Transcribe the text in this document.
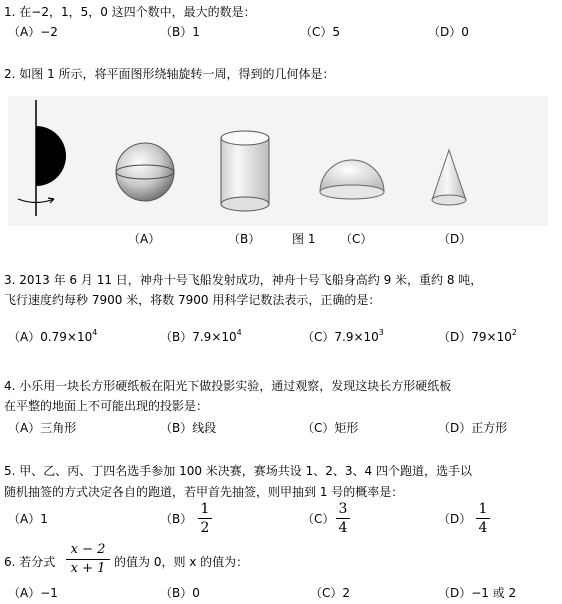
1. 在−2，1，5，0 这四个数中，最大的数是：
（A）−2	（B）1	（C）5	（D）0
2. 如图 1 所示，将平面图形绕轴旋转一周，得到的几何体是：
（A）	（B）	图 1 （C）	（D）
3. 2013 年 6 月 11 日，神舟十号飞船发射成功，神舟十号飞船身高约 9 米，重约 8 吨，
飞行速度约每秒 7900 米，将数 7900 用科学记数法表示，正确的是：
$(A)0.79\times 10^4$	$(B)7.9\times 10^4$	$(C)7.9\times 10^3$	$(D)79\times 10^2$
4. 小乐用一块长方形硬纸板在阳光下做投影实验，通过观察，发现这块长方形硬纸板
在平整的地面上不可能出现的投影是：
（A）三角形	（B）线段	（C）矩形	（D）正方形
5. 甲、乙、丙、丁四名选手参加 100 米决赛，赛场共设 1、2、3、4 四个跑道，选手以
随机抽签的方式决定各自的跑道，若甲首先抽签，则甲抽到 1 号的概率是：
（A）1	（B）
1
2
（C）
3
4
（D）
1
4
6. 若分式
x − 2
x + 1 的值为 0，则 x 的值为：
（A）−1	（B）0	（C）2	（D）−1 或 2
